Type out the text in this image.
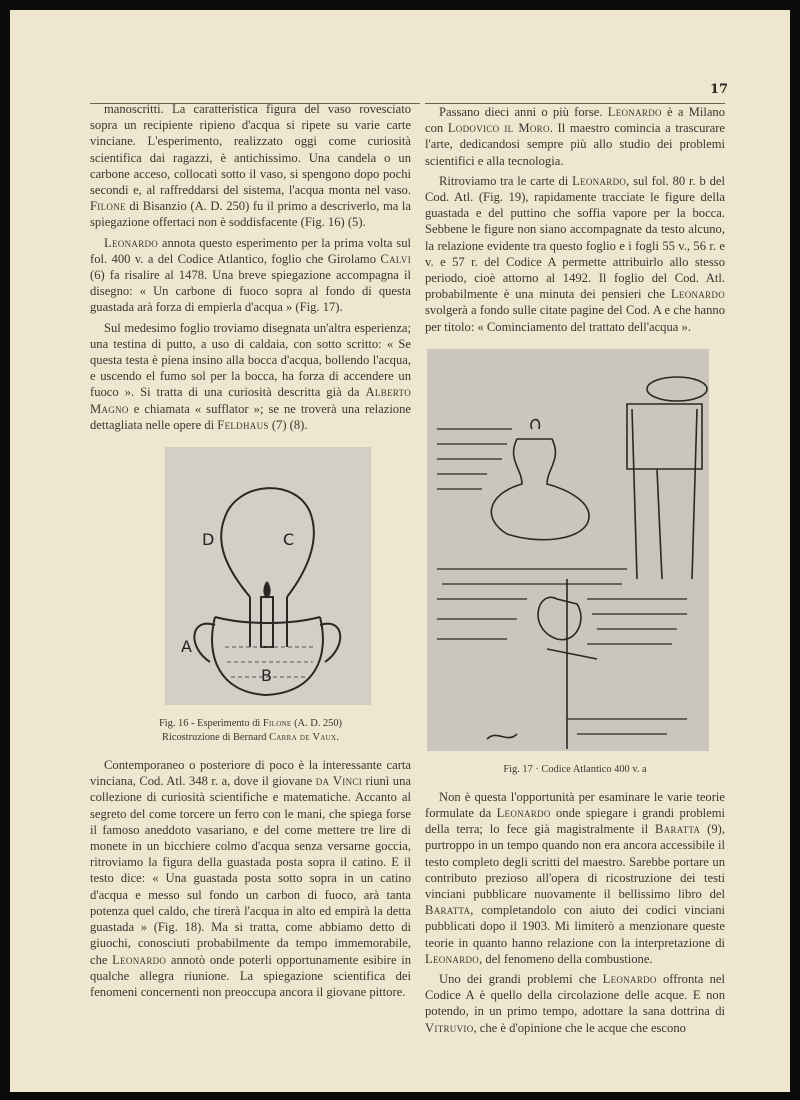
17

manoscritti. La caratteristica figura del vaso rovesciato sopra un recipiente ripieno d'acqua si ripete su varie carte vinciane. L'esperimento, realizzato oggi come curiosità scientifica dai ragazzi, è antichissimo. Una candela o un carbone acceso, collocati sotto il vaso, si spengono dopo pochi secondi e, al raffreddarsi del sistema, l'acqua monta nel vaso. Filone di Bisanzio (A. D. 250) fu il primo a descriverlo, ma la spiegazione offertaci non è soddisfacente (Fig. 16) (5).

Leonardo annota questo esperimento per la prima volta sul fol. 400 v. a del Codice Atlantico, foglio che Girolamo Calvi (6) fa risalire al 1478. Una breve spiegazione accompagna il disegno: « Un carbone di fuoco sopra al fondo di questa guastada arà forza di empierla d'acqua » (Fig. 17).

Sul medesimo foglio troviamo disegnata un'altra esperienza; una testina di putto, a uso di caldaia, con sotto scritto: « Se questa testa è piena insino alla bocca d'acqua, bollendo l'acqua, e uscendo el fumo sol per la bocca, ha forza di accendere un fuoco ». Si tratta di una curiosità descritta già da Alberto Magno e chiamata « sufflator »; se ne troverà una relazione dettagliata nelle opere di Feldhaus (7) (8).

D	C
A
B
Fig. 16 - Esperimento di Filone (A. D. 250)
Ricostruzione di Bernard Carra de Vaux.

Contemporaneo o posteriore di poco è la interessante carta vinciana, Cod. Atl. 348 r. a, dove il giovane da Vinci riunì una collezione di curiosità scientifiche e matematiche. Accanto al segreto del come torcere un ferro con le mani, che spiega forse il famoso aneddoto vasariano, e del come mettere tre lire di monete in un bicchiere colmo d'acqua senza versarne goccia, ritroviamo la figura della guastada posta sopra il catino. E il testo dice: « Una guastada posta sotto sopra in un catino d'acqua e messo sul fondo un carbon di fuoco, arà tanta potenza quel caldo, che tirerà l'acqua in alto ed empirà la detta guastada » (Fig. 18). Ma si tratta, come abbiamo detto di giuochi, conosciuti probabilmente da tempo immemorabile, che Leonardo annotò onde poterli opportunamente esibire in qualche allegra riunione. La spiegazione scientifica dei fenomeni concernenti non preoccupa ancora il giovane pittore.

Passano dieci anni o più forse. Leonardo è a Milano con Lodovico il Moro. Il maestro comincia a trascurare l'arte, dedicandosi sempre più allo studio dei problemi scientifici e alla tecnologia.

Ritroviamo tra le carte di Leonardo, sul fol. 80 r. b del Cod. Atl. (Fig. 19), rapidamente tracciate le figure della guastada e del puttino che soffia vapore per la bocca. Sebbene le figure non siano accompagnate da testo alcuno, la relazione evidente tra questo foglio e i fogli 55 v., 56 r. e v. e 57 r. del Codice A permette attribuirlo allo stesso periodo, cioè attorno al 1492. Il foglio del Cod. Atl. probabilmente è una minuta dei pensieri che Leonardo svolgerà a fondo sulle citate pagine del Cod. A e che hanno per titolo: « Cominciamento del trattato dell'acqua ».

Fig. 17 · Codice Atlantico 400 v. a

Non è questa l'opportunità per esaminare le varie teorie formulate da Leonardo onde spiegare i grandi problemi della terra; lo fece già magistralmente il Baratta (9), purtroppo in un tempo quando non era ancora accessibile il testo completo degli scritti del maestro. Sarebbe portare un contributo prezioso all'opera di ricostruzione dei testi vinciani pubblicare nuovamente il bellissimo libro del Baratta, completandolo con aiuto dei codici vinciani pubblicati dopo il 1903. Mi limiterò a menzionare queste teorie in quanto hanno relazione con la interpretazione di Leonardo, del fenomeno della combustione.

Uno dei grandi problemi che Leonardo offronta nel Codice A è quello della circolazione delle acque. E non potendo, in un primo tempo, adottare la sana dottrina di Vitruvio, che è d'opinione che le acque che escono
